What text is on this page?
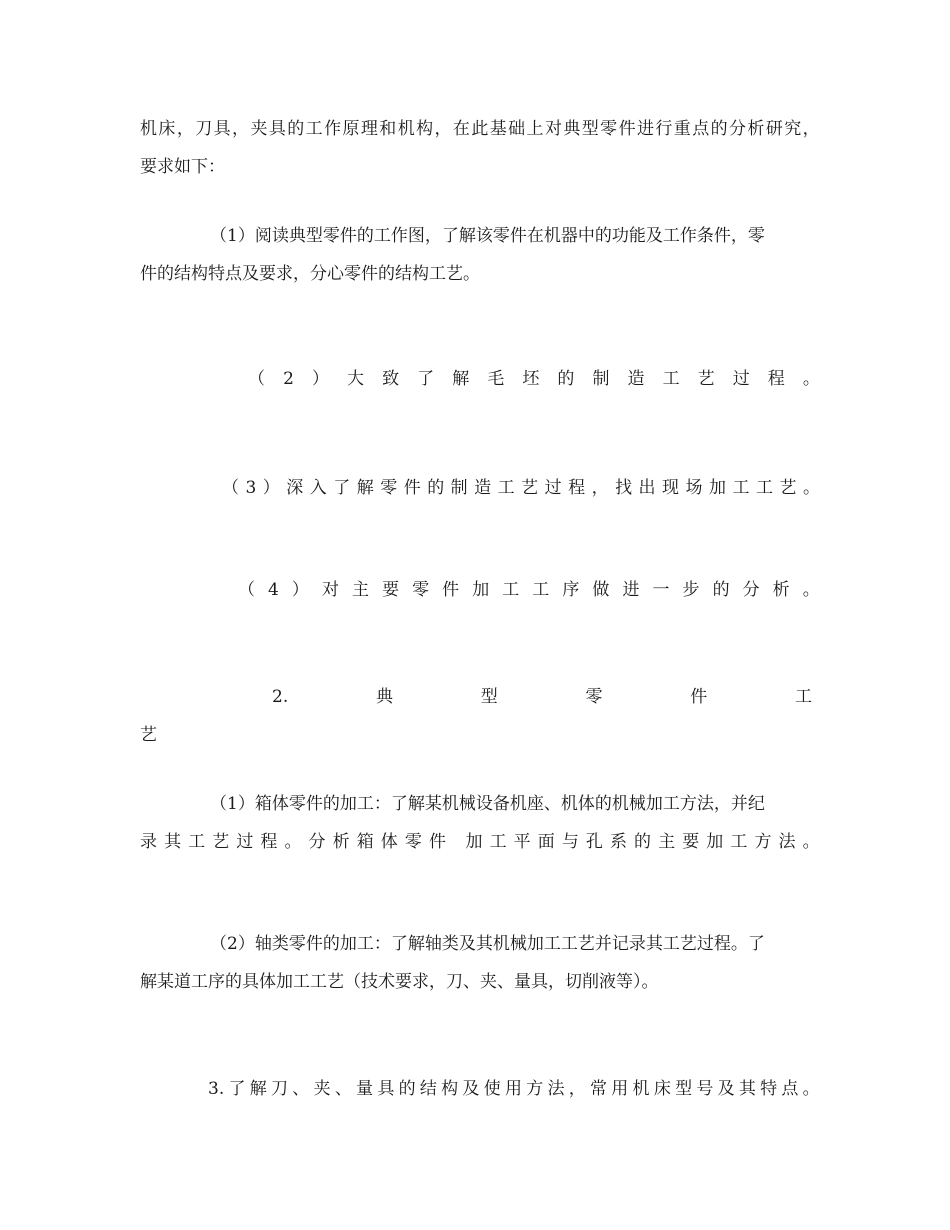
机 床 ， 刀 具 ， 夹 具 的 工 作 原 理 和 机 构 ， 在 此 基 础 上 对 典 型 零 件 进 行 重 点 的 分 析 研 究 ，
要求如下：
（1）阅读典型零件的工作图，了解该零件在机器中的功能及工作条件，零
件的结构特点及要求，分心零件的结构工艺。
（ 2 ） 大 致 了 解 毛 坯 的 制 造 工 艺 过 程 。
（ 3 ） 深 入 了 解 零 件 的 制 造 工 艺 过 程 ， 找 出 现 场 加 工 工 艺 。
（ 4 ） 对 主 要 零 件 加 工 工 序 做 进 一 步 的 分 析 。
2.	典	型	零	件	工
艺
（1）箱体零件的加工：了解某机械设备机座、机体的机械加工方法，并纪
录 其 工 艺 过 程 。 分 析 箱 体 零 件
加 工 平 面 与 孔 系 的 主 要 加 工 方 法 。
（2）轴类零件的加工：了解轴类及其机械加工工艺并记录其工艺过程。了
解某道工序的具体加工工艺（技术要求，刀、夹、量具，切削液等）。
3. 了 解 刀 、 夹 、 量 具 的 结 构 及 使 用 方 法 ， 常 用 机 床 型 号 及 其 特 点 。
